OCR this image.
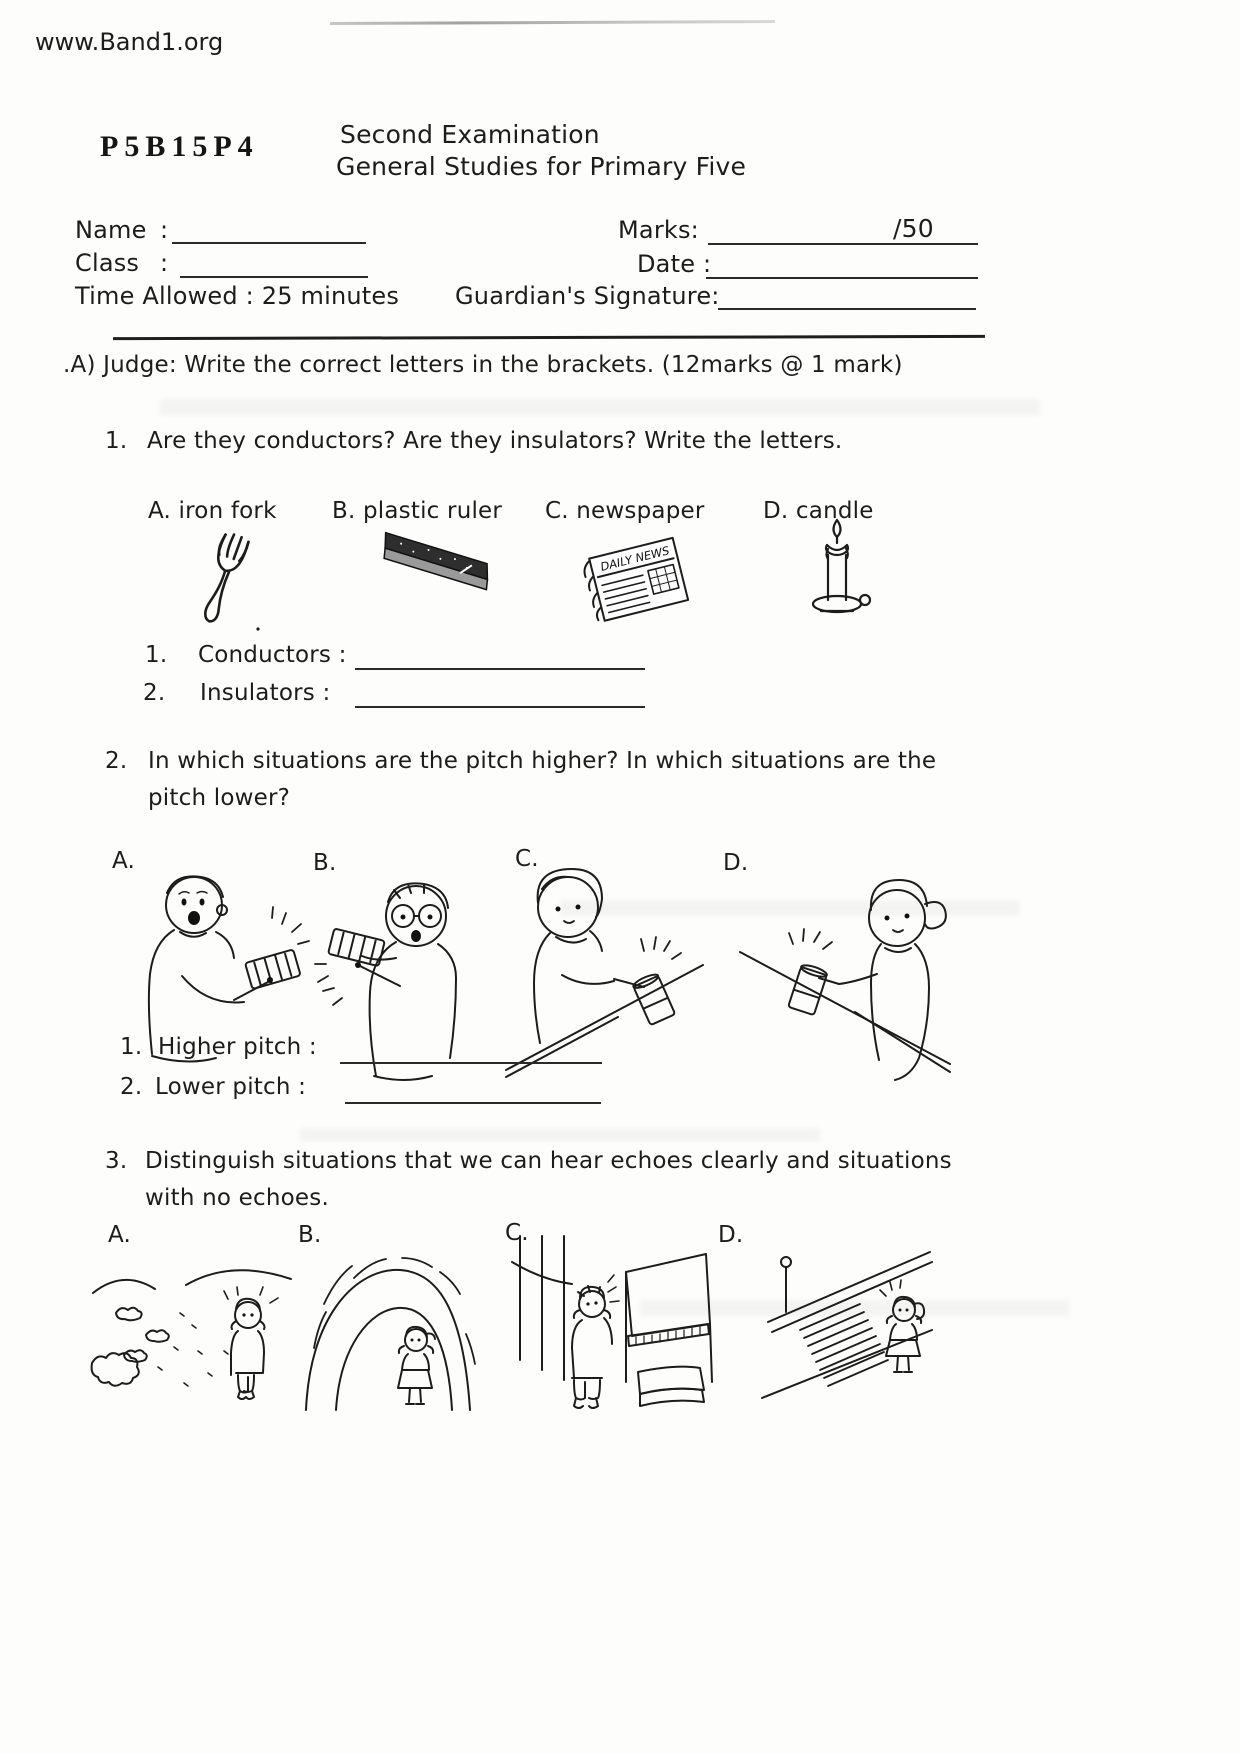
www.Band1.org
P5B15P4	Second Examination
General Studies for Primary Five
Name :	Marks:	/50
Class :	Date :
Time Allowed : 25 minutes Guardian's Signature:
.A) Judge: Write the correct letters in the brackets. (12marks @ 1 mark)
1. Are they conductors? Are they insulators? Write the letters.
A. iron fork B. plastic ruler C. newspaper	D. candle
DAILY NEWS
1. Conductors :
2. Insulators :
2. In which situations are the pitch higher? In which situations are the
pitch lower?
A.	B.	C.	D.
1. Higher pitch :
2. Lower pitch :
3. Distinguish situations that we can hear echoes clearly and situations
with no echoes.
A.	B.	C.	D.
